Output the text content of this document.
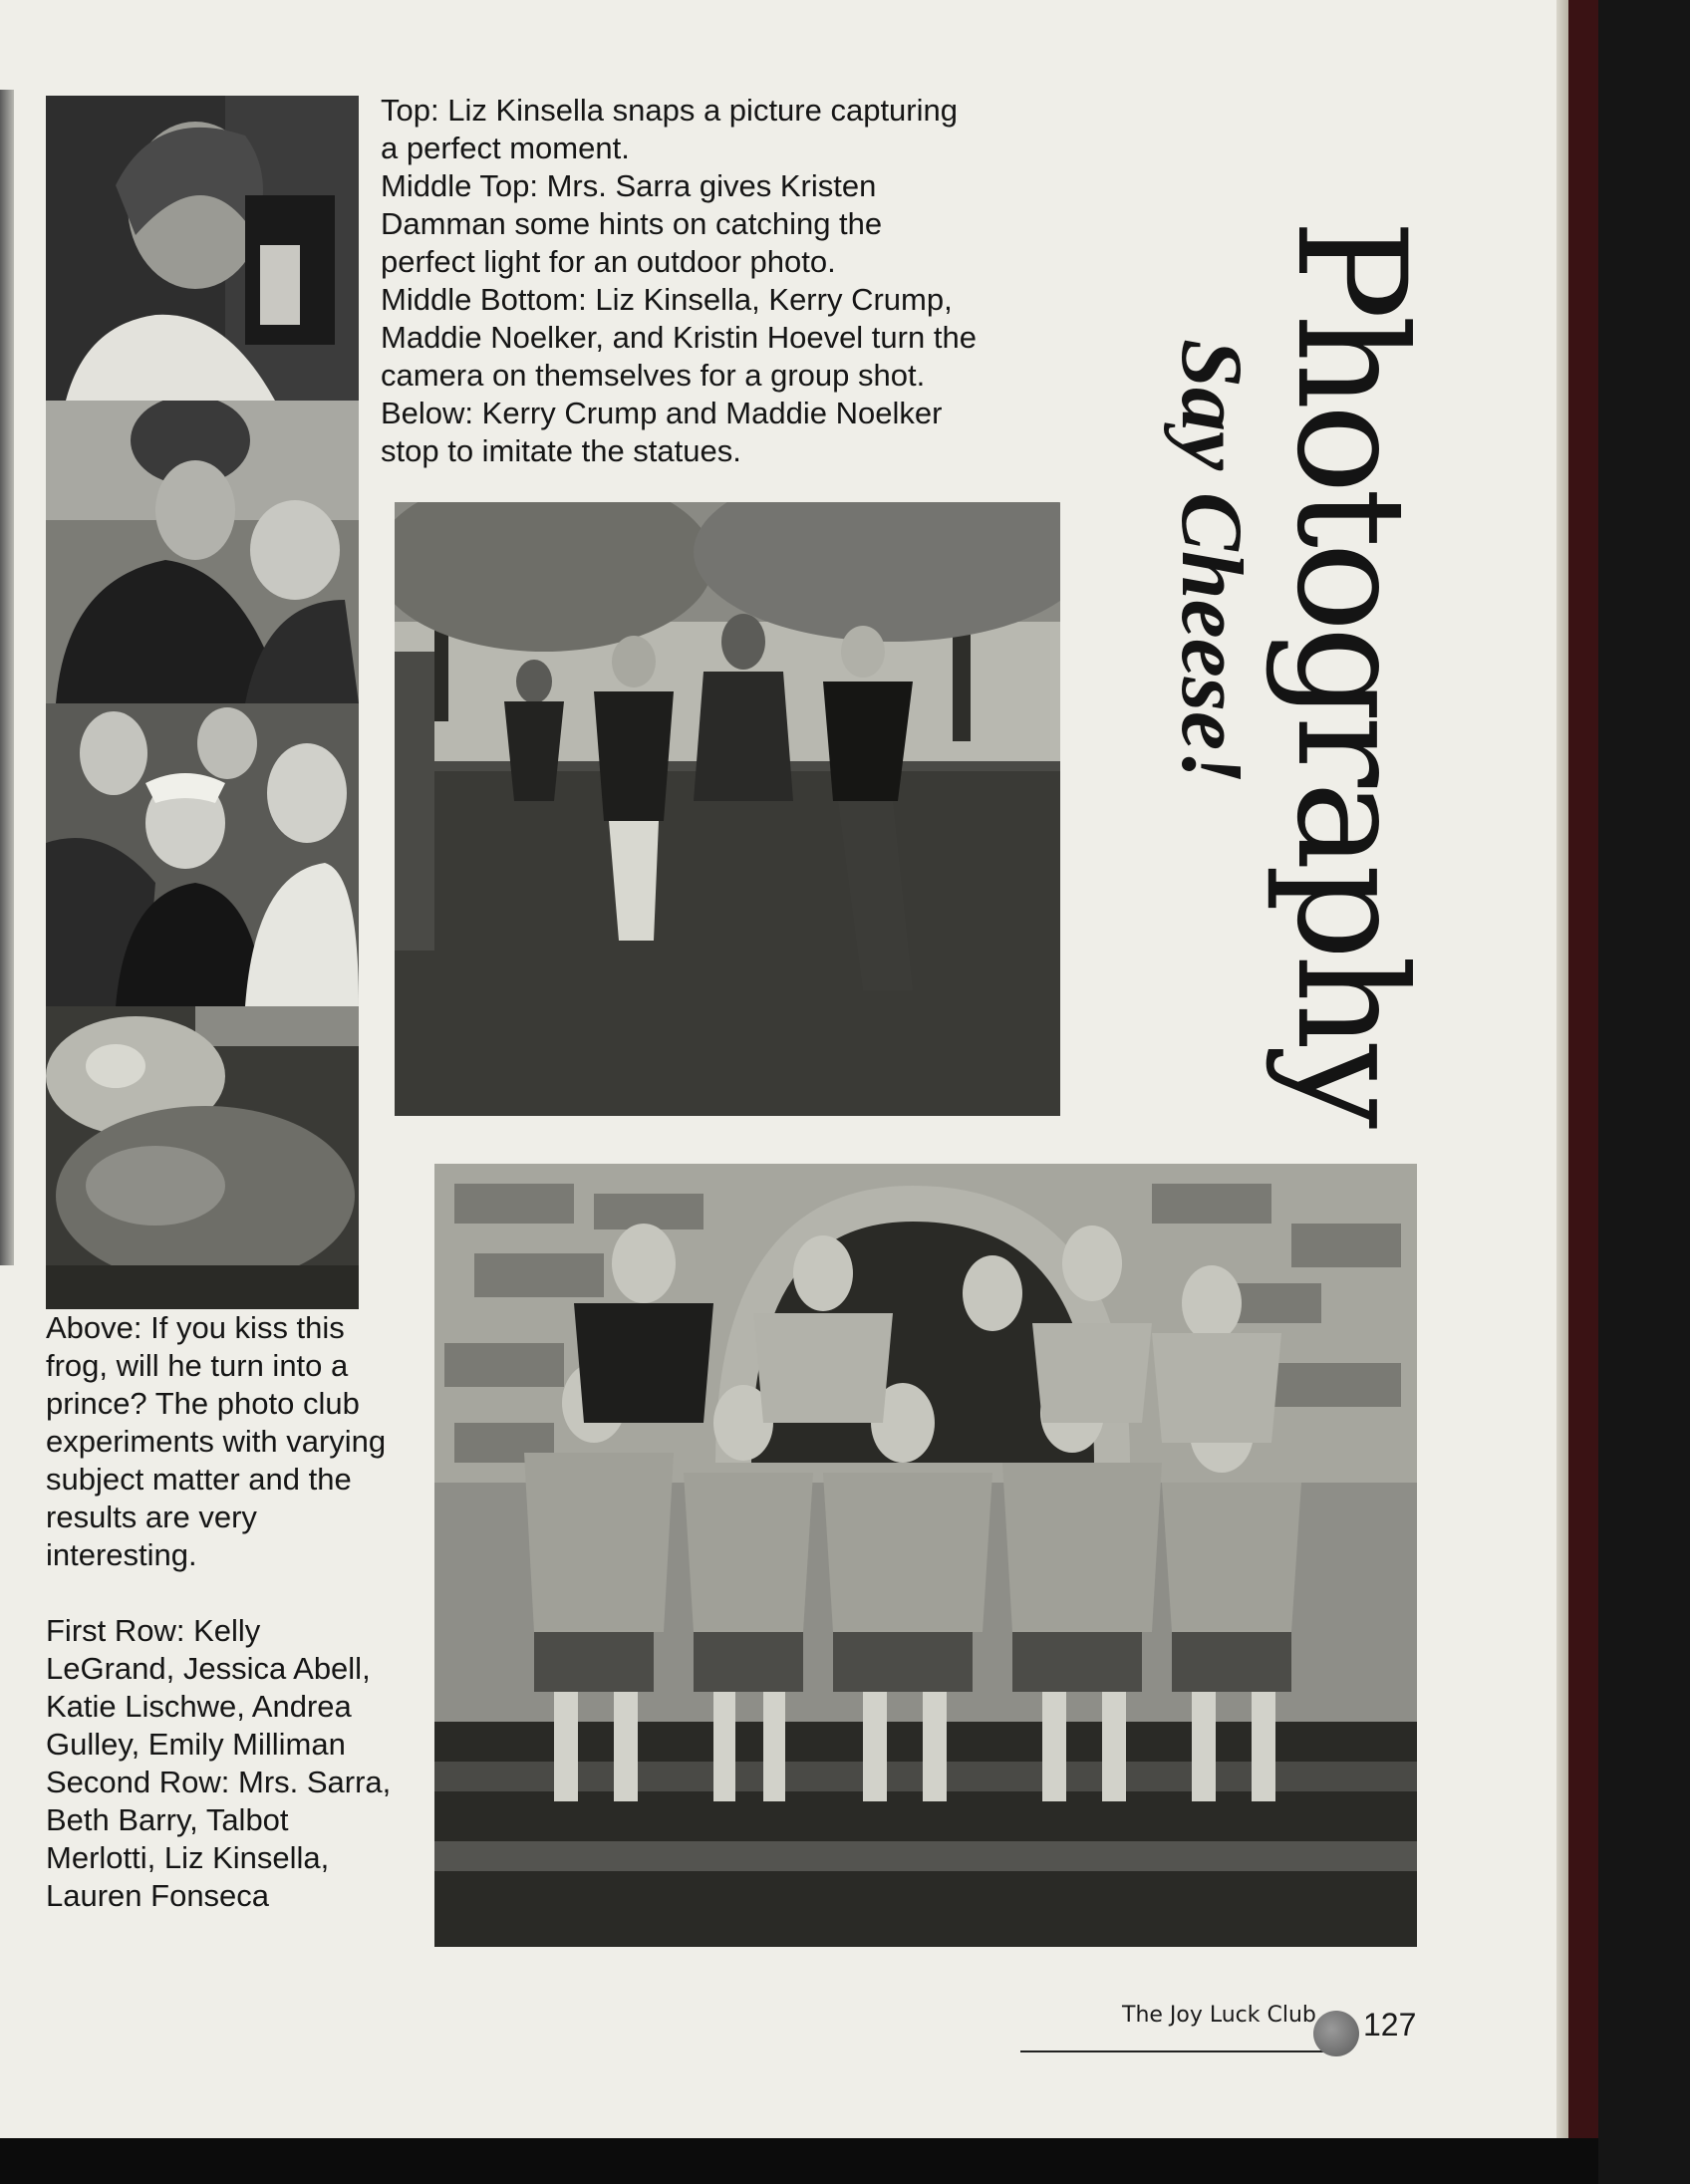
Top: Liz Kinsella snaps a picture capturing
a perfect moment.
Middle Top: Mrs. Sarra gives Kristen
Damman some hints on catching the
perfect light for an outdoor photo.
Middle Bottom: Liz Kinsella, Kerry Crump,
Maddie Noelker, and Kristin Hoevel turn the
camera on themselves for a group shot.
Below: Kerry Crump and Maddie Noelker
stop to imitate the statues.	Photography
Say Cheese!

Above: If you kiss this
frog, will he turn into a
prince? The photo club
experiments with varying
subject matter and the
results are very
interesting.
First Row: Kelly
LeGrand, Jessica Abell,
Katie Lischwe, Andrea
Gulley, Emily Milliman
Second Row: Mrs. Sarra,
Beth Barry, Talbot
Merlotti, Liz Kinsella,
Lauren Fonseca

The Joy Luck Club 127
